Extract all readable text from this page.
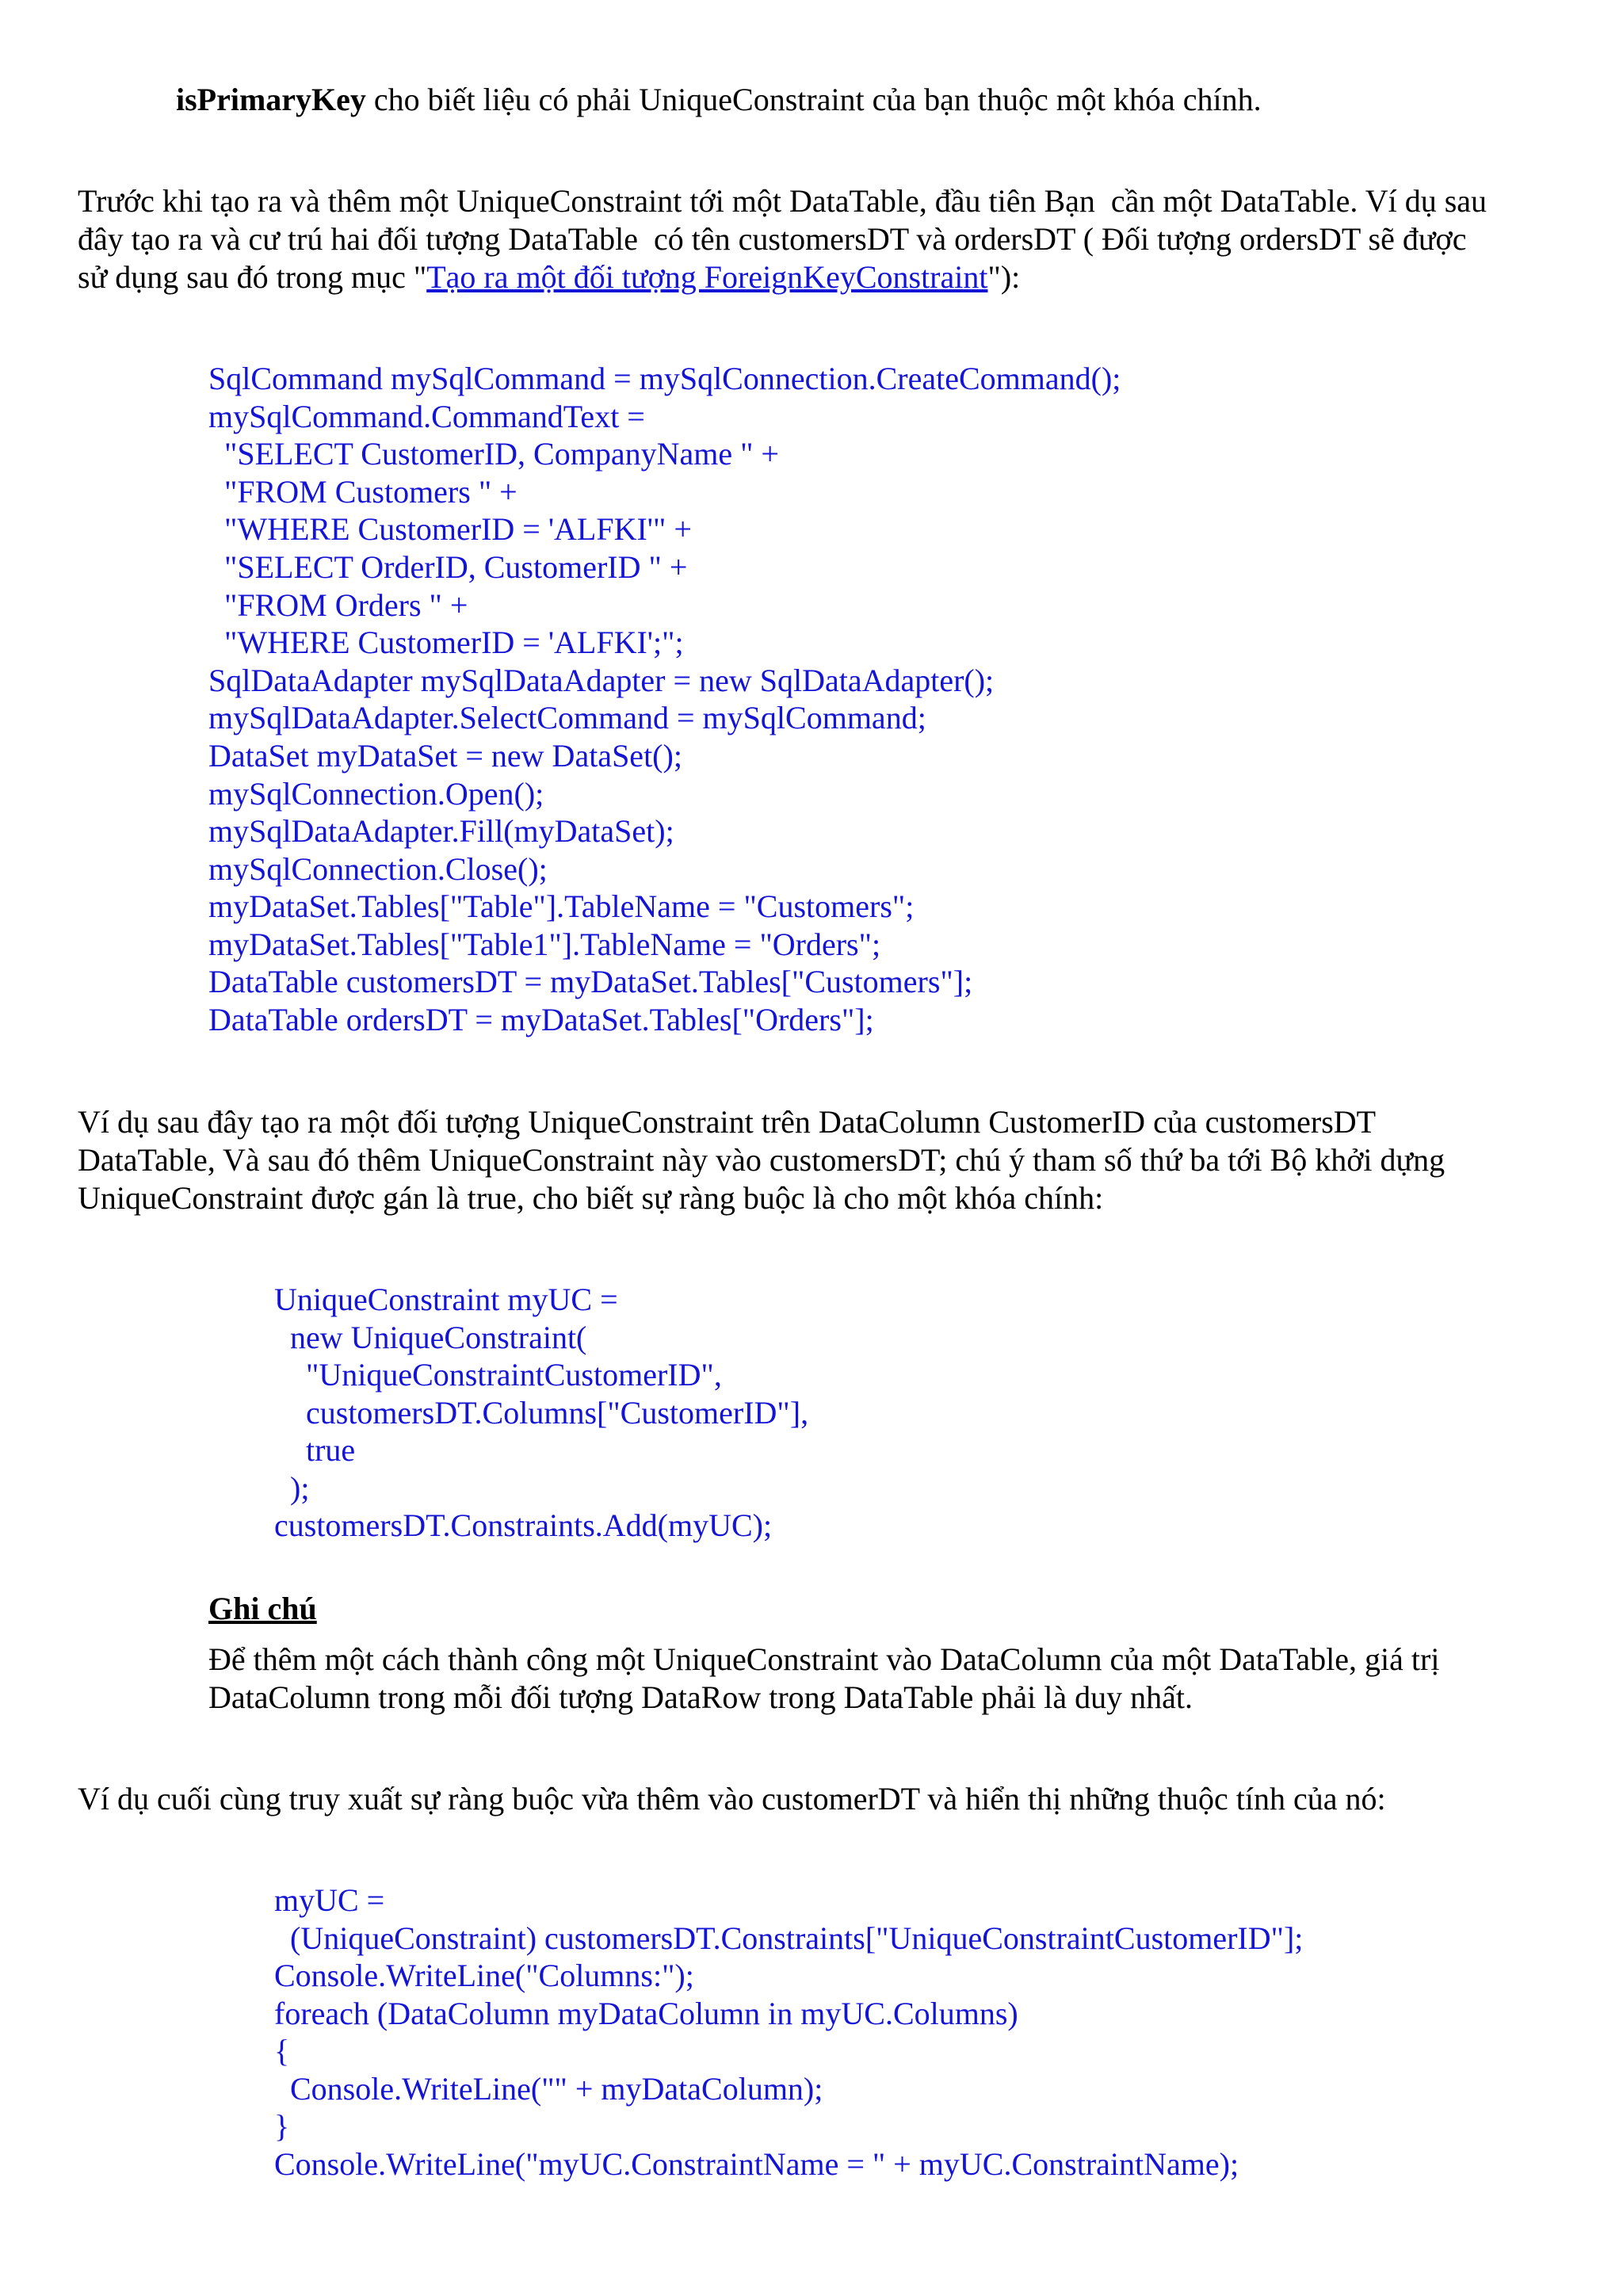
isPrimaryKey cho biết liệu có phải UniqueConstraint của bạn thuộc một khóa chính.
Trước khi tạo ra và thêm một UniqueConstraint tới một DataTable, đầu tiên Bạn  cần một DataTable. Ví dụ sau
đây tạo ra và cư trú hai đối tượng DataTable  có tên customersDT và ordersDT ( Đối tượng ordersDT sẽ được
sử dụng sau đó trong mục "Tạo ra một đối tượng ForeignKeyConstraint"):
SqlCommand mySqlCommand = mySqlConnection.CreateCommand();
mySqlCommand.CommandText =
"SELECT CustomerID, CompanyName " +
"FROM Customers " +
"WHERE CustomerID = 'ALFKI'" +
"SELECT OrderID, CustomerID " +
"FROM Orders " +
"WHERE CustomerID = 'ALFKI';";
SqlDataAdapter mySqlDataAdapter = new SqlDataAdapter();
mySqlDataAdapter.SelectCommand = mySqlCommand;
DataSet myDataSet = new DataSet();
mySqlConnection.Open();
mySqlDataAdapter.Fill(myDataSet);
mySqlConnection.Close();
myDataSet.Tables["Table"].TableName = "Customers";
myDataSet.Tables["Table1"].TableName = "Orders";
DataTable customersDT = myDataSet.Tables["Customers"];
DataTable ordersDT = myDataSet.Tables["Orders"];
Ví dụ sau đây tạo ra một đối tượng UniqueConstraint trên DataColumn CustomerID của customersDT
DataTable, Và sau đó thêm UniqueConstraint này vào customersDT; chú ý tham số thứ ba tới Bộ khởi dựng
UniqueConstraint được gán là true, cho biết sự ràng buộc là cho một khóa chính:
UniqueConstraint myUC =
new UniqueConstraint(
"UniqueConstraintCustomerID",
customersDT.Columns["CustomerID"],
true
);
customersDT.Constraints.Add(myUC);
Ghi chú
Để thêm một cách thành công một UniqueConstraint vào DataColumn của một DataTable, giá trị
DataColumn trong mỗi đối tượng DataRow trong DataTable phải là duy nhất.
Ví dụ cuối cùng truy xuất sự ràng buộc vừa thêm vào customerDT và hiển thị những thuộc tính của nó:
myUC =
(UniqueConstraint) customersDT.Constraints["UniqueConstraintCustomerID"];
Console.WriteLine("Columns:");
foreach (DataColumn myDataColumn in myUC.Columns)
{
Console.WriteLine("" + myDataColumn);
}
Console.WriteLine("myUC.ConstraintName = " + myUC.ConstraintName);
